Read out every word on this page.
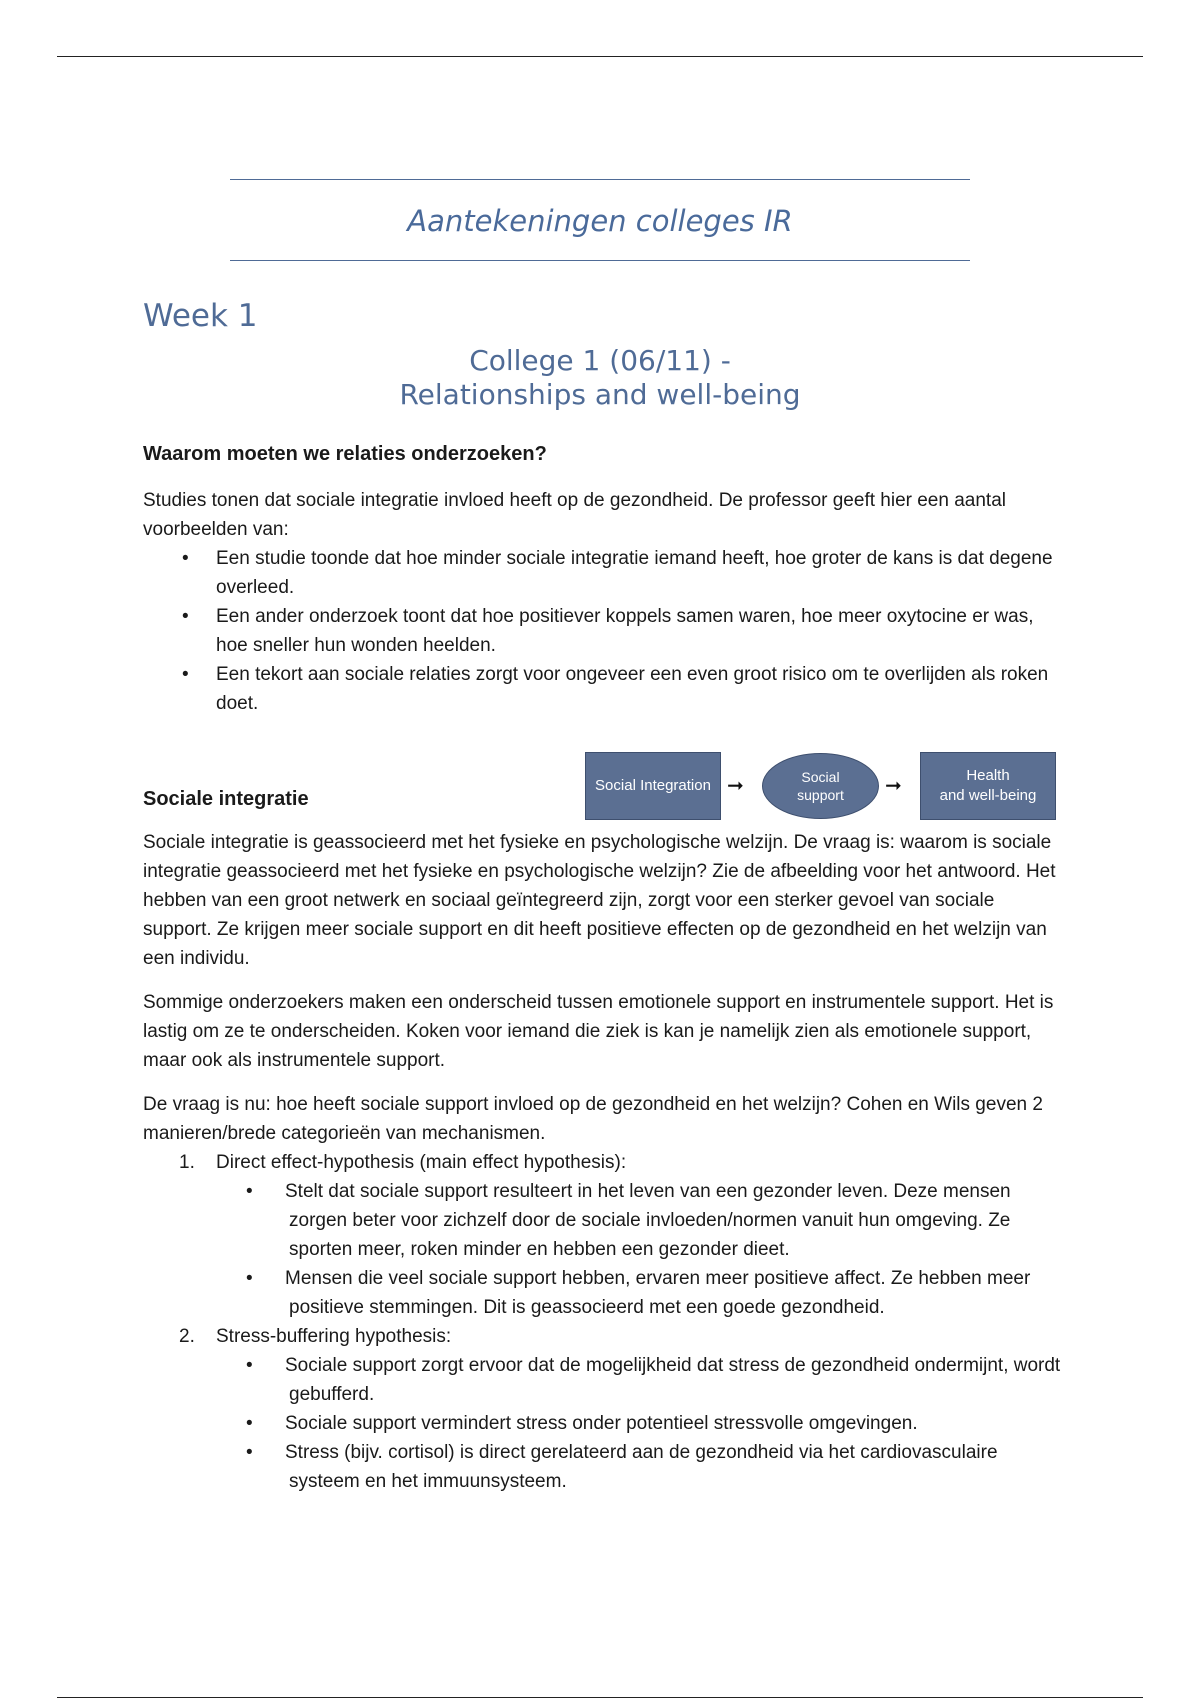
Aantekeningen colleges IR
Week 1
College 1 (06/11) -
Relationships and well-being
Waarom moeten we relaties onderzoeken?

Studies tonen dat sociale integratie invloed heeft op de gezondheid. De professor geeft hier een aantal voorbeelden van:

• Een studie toonde dat hoe minder sociale integratie iemand heeft, hoe groter de kans is dat degene overleed.
• Een ander onderzoek toont dat hoe positiever koppels samen waren, hoe meer oxytocine er was, hoe sneller hun wonden heelden.
• Een tekort aan sociale relaties zorgt voor ongeveer een even groot risico om te overlijden als roken doet.
Social Integration ➞	Social
support ➞	Health
and well-being
Sociale integratie

Sociale integratie is geassocieerd met het fysieke en psychologische welzijn. De vraag is: waarom is sociale integratie geassocieerd met het fysieke en psychologische welzijn? Zie de afbeelding voor het antwoord. Het hebben van een groot netwerk en sociaal geïntegreerd zijn, zorgt voor een sterker gevoel van sociale support. Ze krijgen meer sociale support en dit heeft positieve effecten op de gezondheid en het welzijn van een individu.

Sommige onderzoekers maken een onderscheid tussen emotionele support en instrumentele support. Het is lastig om ze te onderscheiden. Koken voor iemand die ziek is kan je namelijk zien als emotionele support, maar ook als instrumentele support.

De vraag is nu: hoe heeft sociale support invloed op de gezondheid en het welzijn? Cohen en Wils geven 2 manieren/brede categorieën van mechanismen.

1. Direct effect-hypothesis (main effect hypothesis):
• Stelt dat sociale support resulteert in het leven van een gezonder leven. Deze mensen zorgen beter voor zichzelf door de sociale invloeden/normen vanuit hun omgeving. Ze sporten meer, roken minder en hebben een gezonder dieet.
• Mensen die veel sociale support hebben, ervaren meer positieve affect. Ze hebben meer positieve stemmingen. Dit is geassocieerd met een goede gezondheid.
2. Stress-buffering hypothesis:
• Sociale support zorgt ervoor dat de mogelijkheid dat stress de gezondheid ondermijnt, wordt gebufferd.
• Sociale support vermindert stress onder potentieel stressvolle omgevingen.
• Stress (bijv. cortisol) is direct gerelateerd aan de gezondheid via het cardiovasculaire systeem en het immuunsysteem.
